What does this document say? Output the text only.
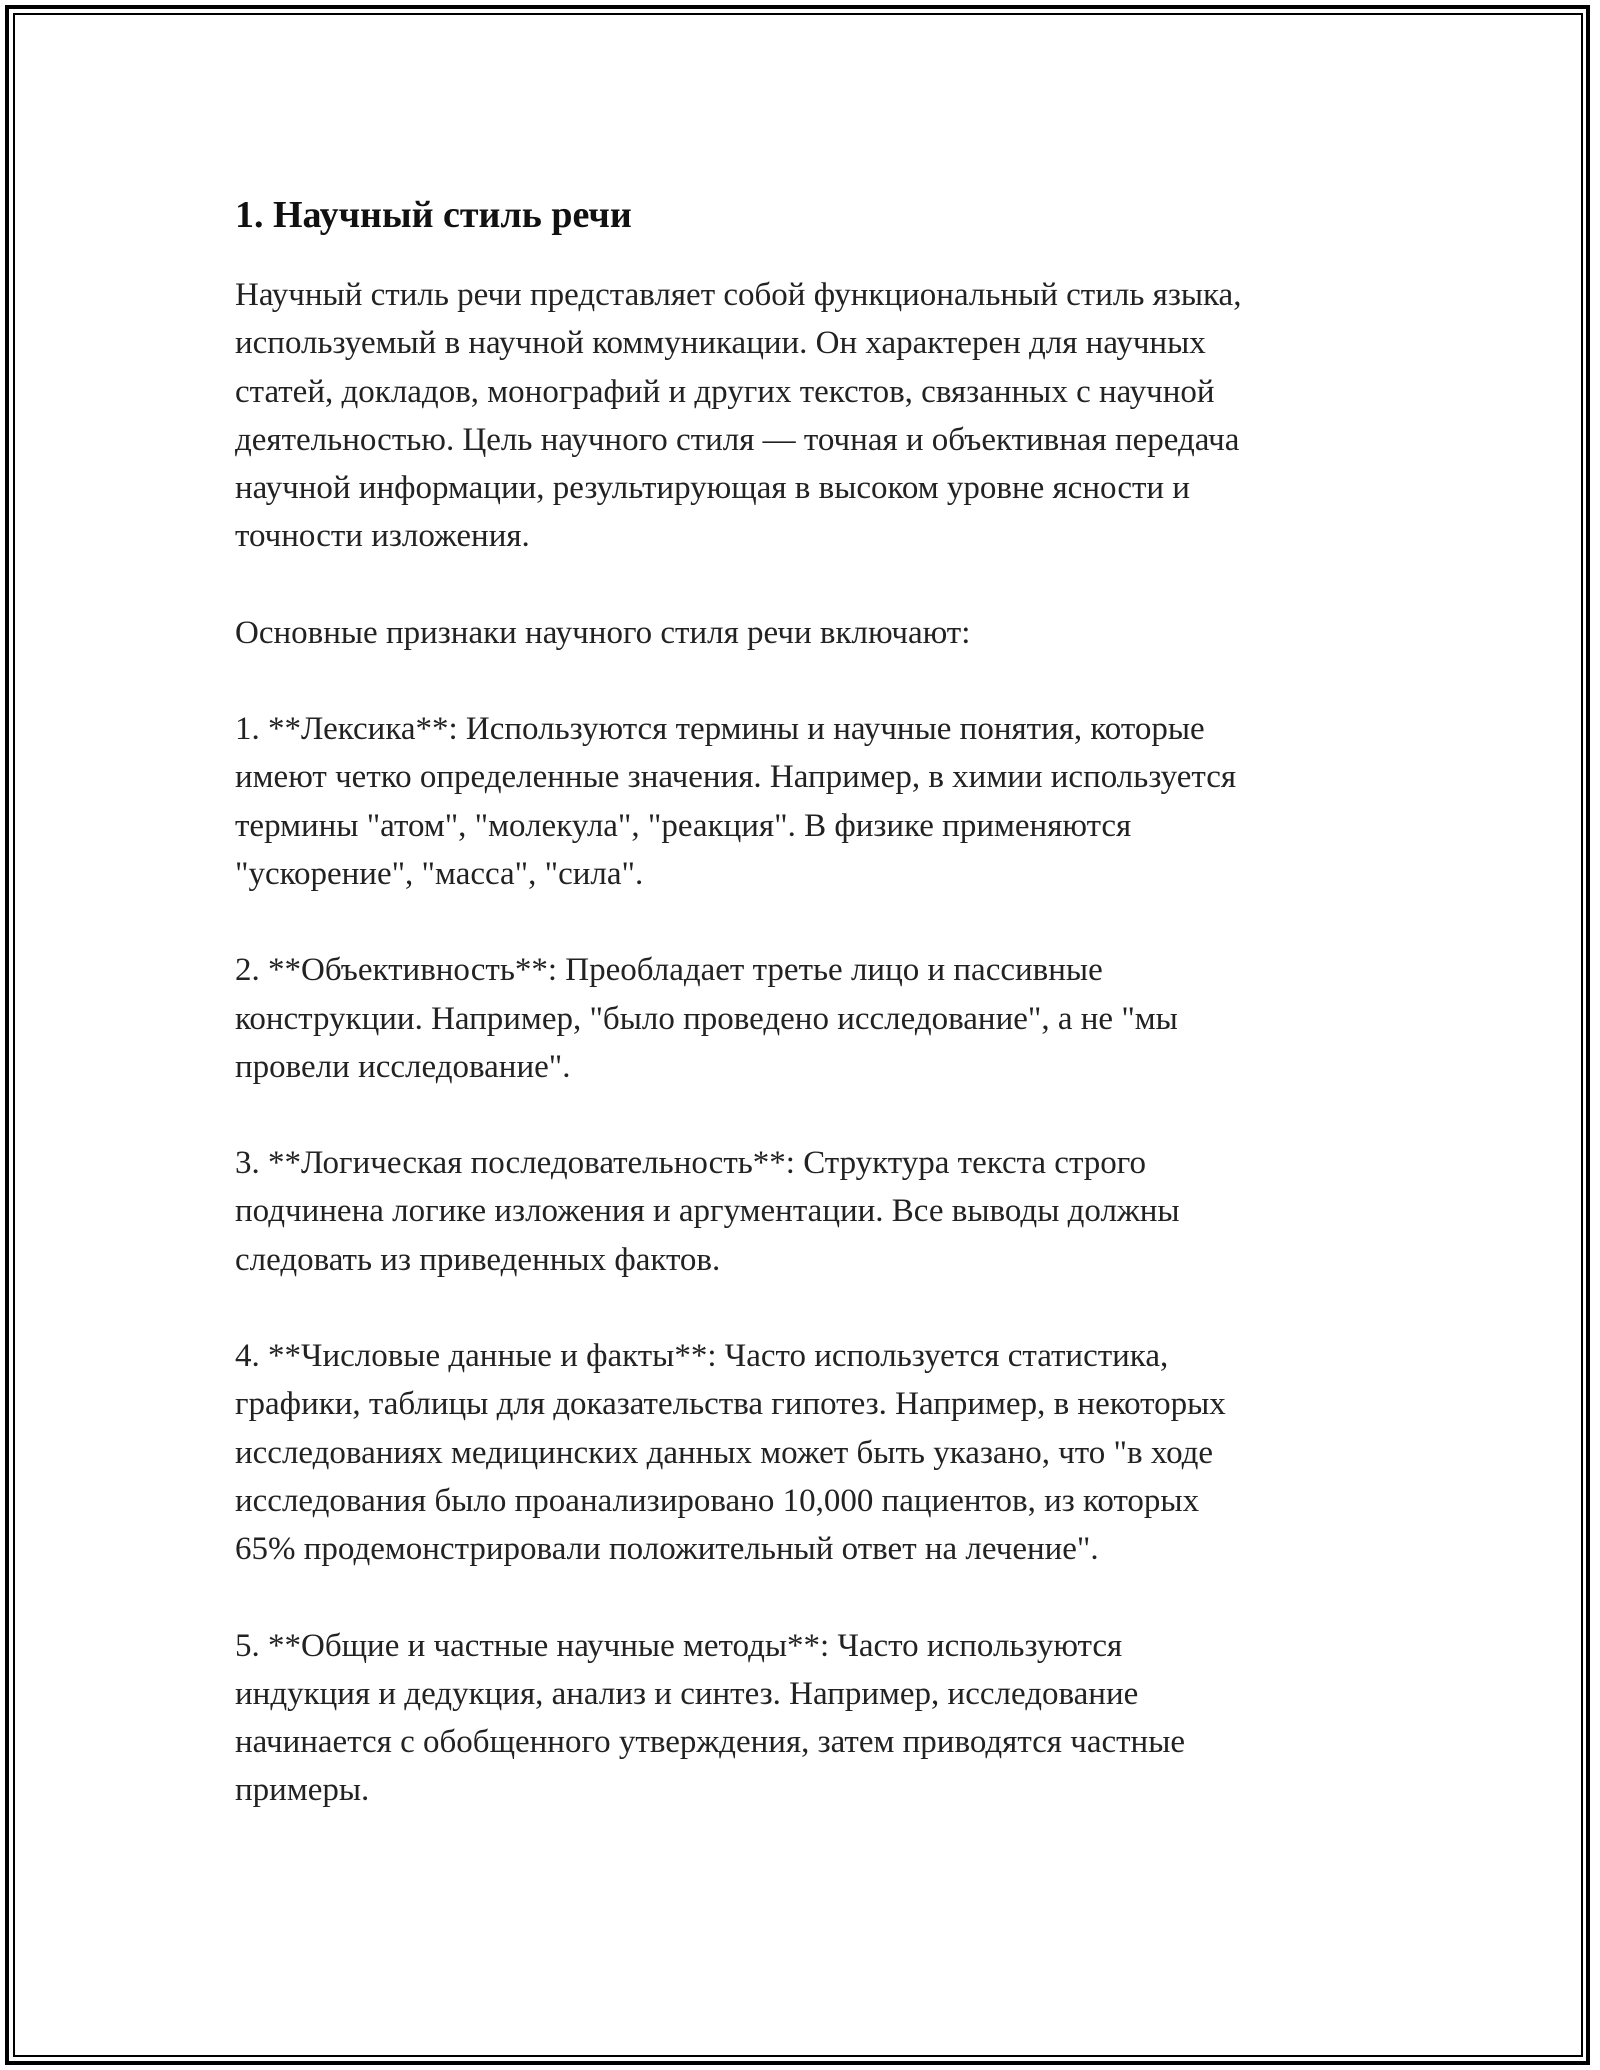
1. Научный стиль речи

Научный стиль речи представляет собой функциональный стиль языка,
используемый в научной коммуникации. Он характерен для научных
статей, докладов, монографий и других текстов, связанных с научной
деятельностью. Цель научного стиля — точная и объективная передача
научной информации, результирующая в высоком уровне ясности и
точности изложения.

Основные признаки научного стиля речи включают:

1. **Лексика**: Используются термины и научные понятия, которые
имеют четко определенные значения. Например, в химии используется
термины "атом", "молекула", "реакция". В физике применяются
"ускорение", "масса", "сила".

2. **Объективность**: Преобладает третье лицо и пассивные
конструкции. Например, "было проведено исследование", а не "мы
провели исследование".

3. **Логическая последовательность**: Структура текста строго
подчинена логике изложения и аргументации. Все выводы должны
следовать из приведенных фактов.

4. **Числовые данные и факты**: Часто используется статистика,
графики, таблицы для доказательства гипотез. Например, в некоторых
исследованиях медицинских данных может быть указано, что "в ходе
исследования было проанализировано 10,000 пациентов, из которых
65% продемонстрировали положительный ответ на лечение".

5. **Общие и частные научные методы**: Часто используются
индукция и дедукция, анализ и синтез. Например, исследование
начинается с обобщенного утверждения, затем приводятся частные
примеры.
